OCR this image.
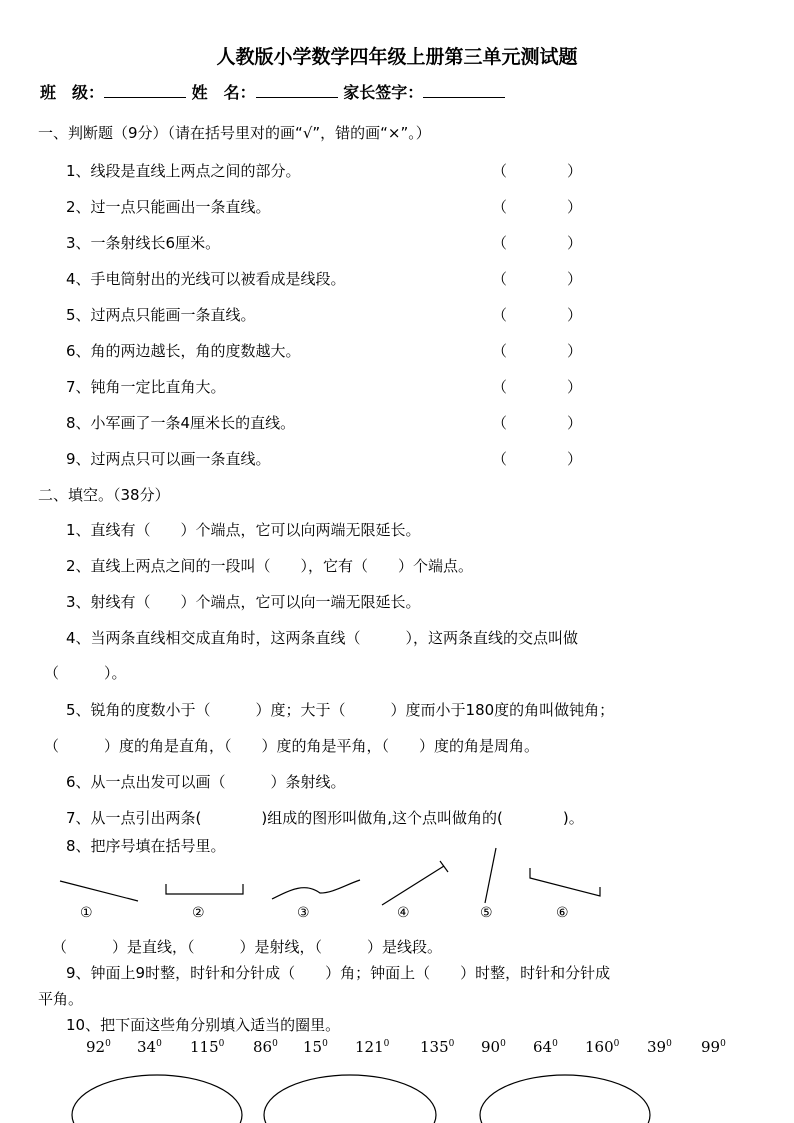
人教版小学数学四年级上册第三单元测试题
班　级：	姓　名：	家长签字：
一、判断题（9分）（请在括号里对的画“√”，错的画“×”。）
1、线段是直线上两点之间的部分。	（　　　　）
2、过一点只能画出一条直线。	（　　　　）
3、一条射线长6厘米。	（　　　　）
4、手电筒射出的光线可以被看成是线段。	（　　　　）
5、过两点只能画一条直线。	（　　　　）
6、角的两边越长，角的度数越大。	（　　　　）
7、钝角一定比直角大。	（　　　　）
8、小军画了一条4厘米长的直线。	（　　　　）
9、过两点只可以画一条直线。	（　　　　）
二、填空。（38分）
1、直线有（　　）个端点，它可以向两端无限延长。
2、直线上两点之间的一段叫（　　），它有（　　）个端点。
3、射线有（　　）个端点，它可以向一端无限延长。
4、当两条直线相交成直角时，这两条直线（　　　），这两条直线的交点叫做
（　　　）。
5、锐角的度数小于（　　　）度；大于（　　　）度而小于180度的角叫做钝角；
（　　　）度的角是直角，（　　）度的角是平角，（　　）度的角是周角。
6、从一点出发可以画（　　　）条射线。
7、从一点引出两条(　　　　)组成的图形叫做角,这个点叫做角的(　　　　)。
8、把序号填在括号里。
①	②	③	④	⑤	⑥
（　　　）是直线，（　　　）是射线，（　　　）是线段。
9、钟面上9时整，时针和分针成（　　）角；钟面上（　　）时整，时针和分针成
平角。
10、把下面这些角分别填入适当的圈里。
$92^0$ $34^0$ $115^0$ $86^0$ $15^0$ $121^0$ $135^0$ $90^0$ $64^0$ $160^0$ $39^0$ $99^0$
